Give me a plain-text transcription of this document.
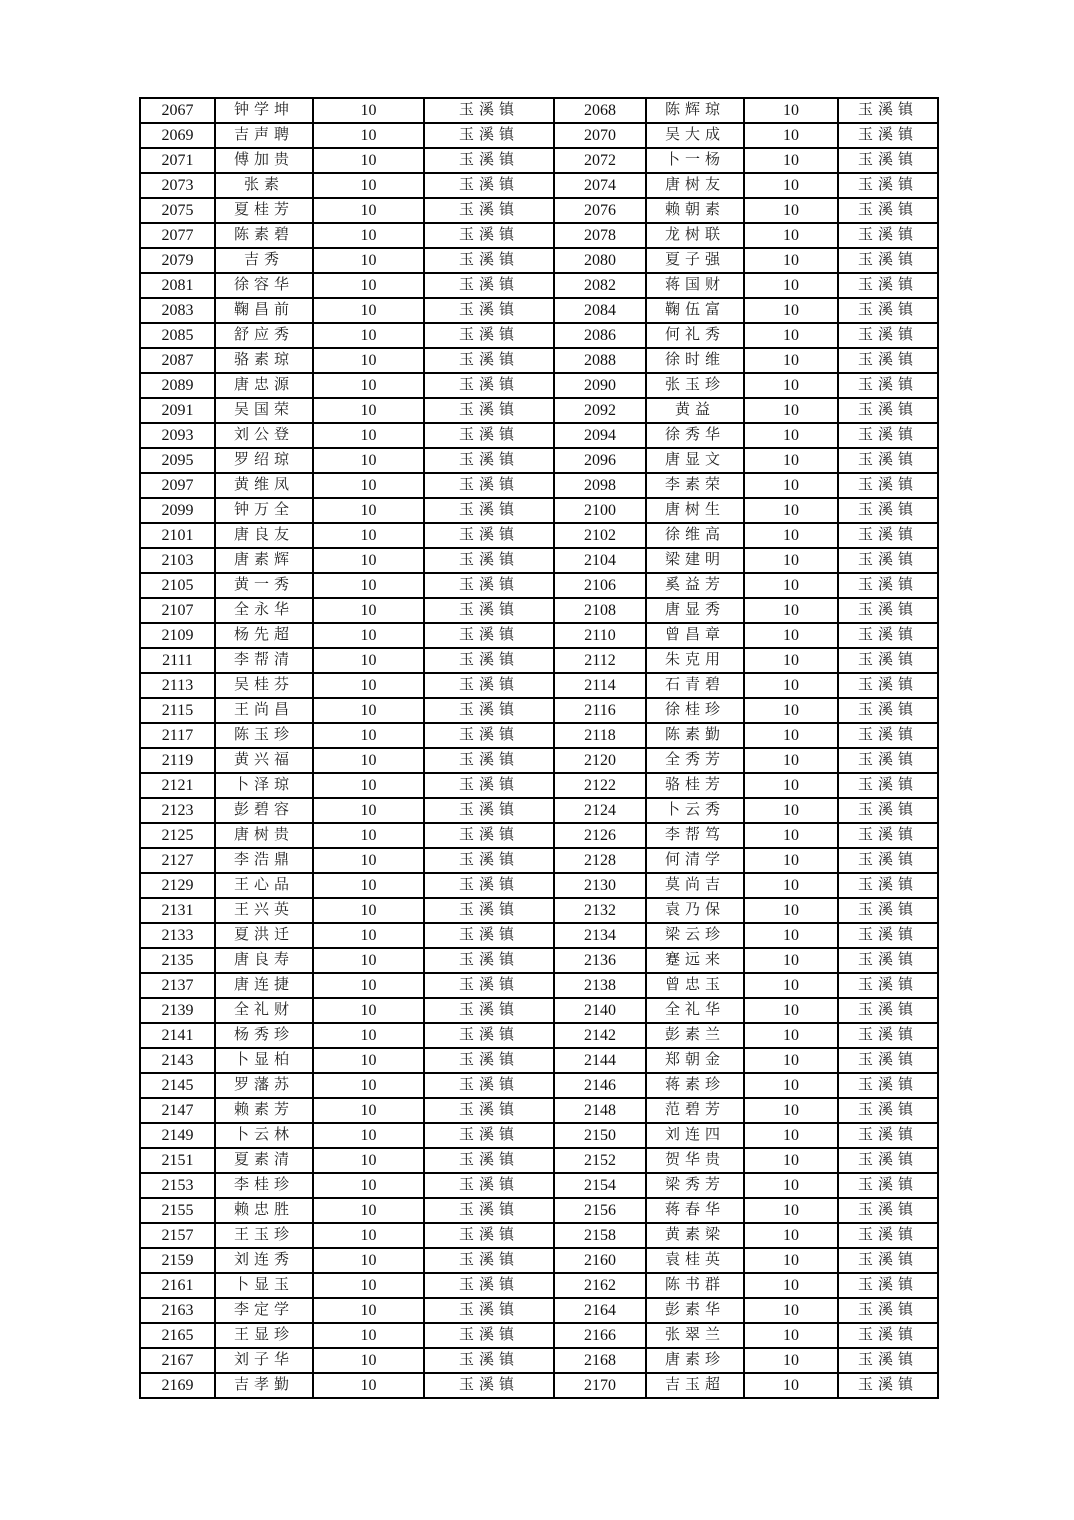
2067	钟学坤	10	玉溪镇	2068	陈辉琼	10	玉溪镇
2069	吉声聘	10	玉溪镇	2070	吴大成	10	玉溪镇
2071	傅加贵	10	玉溪镇	2072	卜一杨	10	玉溪镇
2073	张素	10	玉溪镇	2074	唐树友	10	玉溪镇
2075	夏桂芳	10	玉溪镇	2076	赖朝素	10	玉溪镇
2077	陈素碧	10	玉溪镇	2078	龙树联	10	玉溪镇
2079	吉秀	10	玉溪镇	2080	夏子强	10	玉溪镇
2081	徐容华	10	玉溪镇	2082	蒋国财	10	玉溪镇
2083	鞠昌前	10	玉溪镇	2084	鞠伍富	10	玉溪镇
2085	舒应秀	10	玉溪镇	2086	何礼秀	10	玉溪镇
2087	骆素琼	10	玉溪镇	2088	徐时维	10	玉溪镇
2089	唐忠源	10	玉溪镇	2090	张玉珍	10	玉溪镇
2091	吴国荣	10	玉溪镇	2092	黄益	10	玉溪镇
2093	刘公登	10	玉溪镇	2094	徐秀华	10	玉溪镇
2095	罗绍琼	10	玉溪镇	2096	唐显文	10	玉溪镇
2097	黄维凤	10	玉溪镇	2098	李素荣	10	玉溪镇
2099	钟万全	10	玉溪镇	2100	唐树生	10	玉溪镇
2101	唐良友	10	玉溪镇	2102	徐维高	10	玉溪镇
2103	唐素辉	10	玉溪镇	2104	梁建明	10	玉溪镇
2105	黄一秀	10	玉溪镇	2106	奚益芳	10	玉溪镇
2107	全永华	10	玉溪镇	2108	唐显秀	10	玉溪镇
2109	杨先超	10	玉溪镇	2110	曾昌章	10	玉溪镇
2111	李帮清	10	玉溪镇	2112	朱克用	10	玉溪镇
2113	吴桂芬	10	玉溪镇	2114	石青碧	10	玉溪镇
2115	王尚昌	10	玉溪镇	2116	徐桂珍	10	玉溪镇
2117	陈玉珍	10	玉溪镇	2118	陈素勤	10	玉溪镇
2119	黄兴福	10	玉溪镇	2120	全秀芳	10	玉溪镇
2121	卜泽琼	10	玉溪镇	2122	骆桂芳	10	玉溪镇
2123	彭碧容	10	玉溪镇	2124	卜云秀	10	玉溪镇
2125	唐树贵	10	玉溪镇	2126	李帮笃	10	玉溪镇
2127	李浩鼎	10	玉溪镇	2128	何清学	10	玉溪镇
2129	王心品	10	玉溪镇	2130	莫尚吉	10	玉溪镇
2131	王兴英	10	玉溪镇	2132	袁乃保	10	玉溪镇
2133	夏洪迁	10	玉溪镇	2134	梁云珍	10	玉溪镇
2135	唐良寿	10	玉溪镇	2136	蹇远来	10	玉溪镇
2137	唐连捷	10	玉溪镇	2138	曾忠玉	10	玉溪镇
2139	全礼财	10	玉溪镇	2140	全礼华	10	玉溪镇
2141	杨秀珍	10	玉溪镇	2142	彭素兰	10	玉溪镇
2143	卜显柏	10	玉溪镇	2144	郑朝金	10	玉溪镇
2145	罗藩苏	10	玉溪镇	2146	蒋素珍	10	玉溪镇
2147	赖素芳	10	玉溪镇	2148	范碧芳	10	玉溪镇
2149	卜云林	10	玉溪镇	2150	刘连四	10	玉溪镇
2151	夏素清	10	玉溪镇	2152	贺华贵	10	玉溪镇
2153	李桂珍	10	玉溪镇	2154	梁秀芳	10	玉溪镇
2155	赖忠胜	10	玉溪镇	2156	蒋春华	10	玉溪镇
2157	王玉珍	10	玉溪镇	2158	黄素梁	10	玉溪镇
2159	刘连秀	10	玉溪镇	2160	袁桂英	10	玉溪镇
2161	卜显玉	10	玉溪镇	2162	陈书群	10	玉溪镇
2163	李定学	10	玉溪镇	2164	彭素华	10	玉溪镇
2165	王显珍	10	玉溪镇	2166	张翠兰	10	玉溪镇
2167	刘子华	10	玉溪镇	2168	唐素珍	10	玉溪镇
2169	吉孝勤	10	玉溪镇	2170	吉玉超	10	玉溪镇
